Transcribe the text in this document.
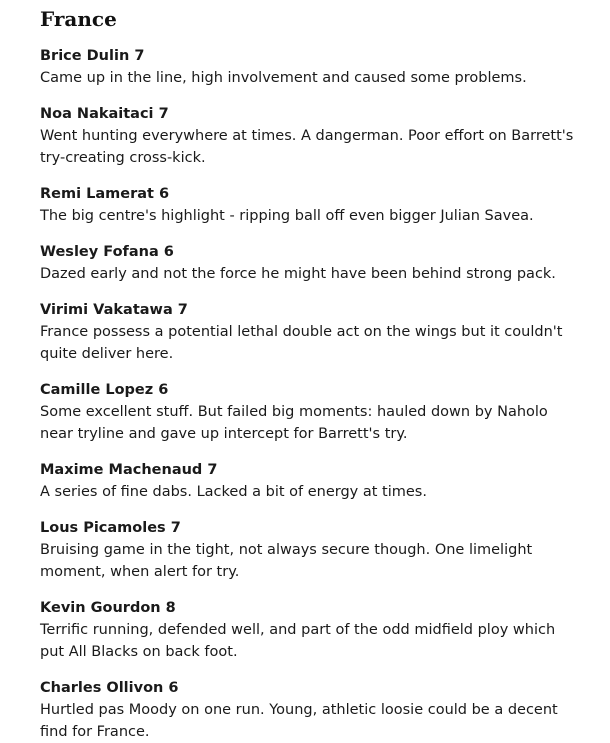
France

Brice Dulin 7

Came up in the line, high involvement and caused some problems.

Noa Nakaitaci 7

Went hunting everywhere at times. A dangerman. Poor effort on Barrett's try-creating cross-kick.

Remi Lamerat 6

The big centre's highlight - ripping ball off even bigger Julian Savea.

Wesley Fofana 6

Dazed early and not the force he might have been behind strong pack.

Virimi Vakatawa 7

France possess a potential lethal double act on the wings but it couldn't quite deliver here.

Camille Lopez 6

Some excellent stuff. But failed big moments: hauled down by Naholo near tryline and gave up intercept for Barrett's try.

Maxime Machenaud 7

A series of fine dabs. Lacked a bit of energy at times.

Lous Picamoles 7

Bruising game in the tight, not always secure though. One limelight moment, when alert for try.

Kevin Gourdon 8

Terrific running, defended well, and part of the odd midfield ploy which put All Blacks on back foot.

Charles Ollivon 6

Hurtled pas Moody on one run. Young, athletic loosie could be a decent find for France.
